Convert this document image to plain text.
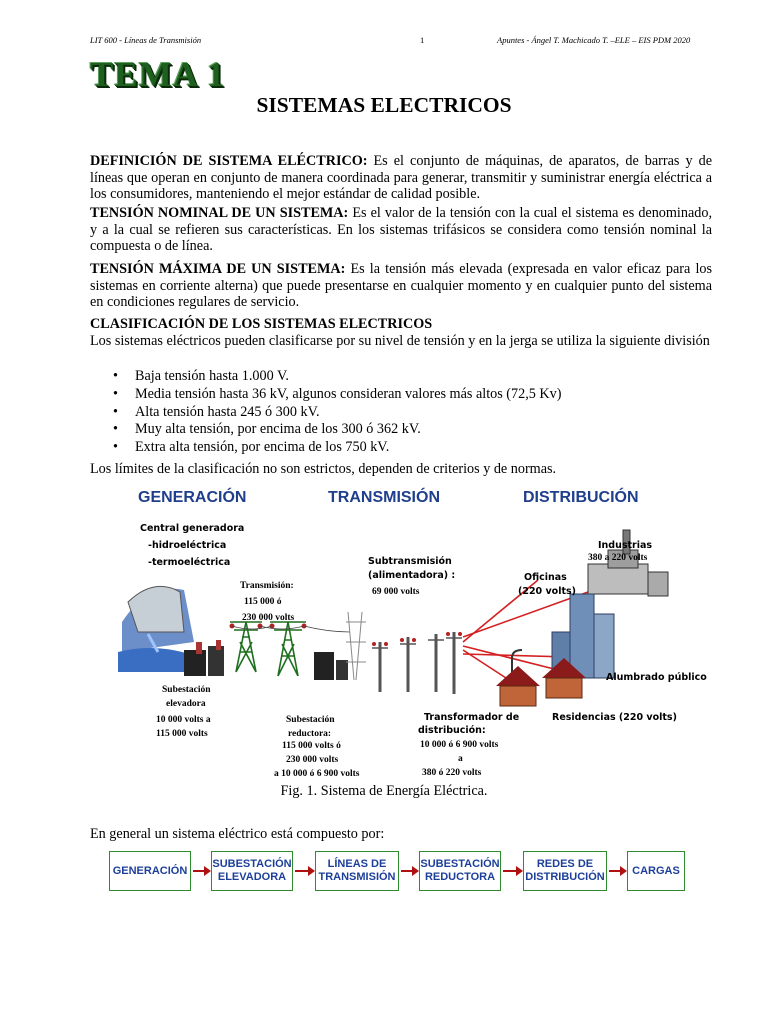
LIT 600 - Líneas de Transmisión	1	Apuntes - Ángel T. Machicado T. –ELE – EIS PDM 2020
TEMA 1
SISTEMAS ELECTRICOS
DEFINICIÓN DE SISTEMA ELÉCTRICO: Es el conjunto de máquinas, de aparatos, de barras y de líneas que operan en conjunto de manera coordinada para generar, transmitir y suministrar energía eléctrica a los consumidores, manteniendo el mejor estándar de calidad posible.
TENSIÓN NOMINAL DE UN SISTEMA: Es el valor de la tensión con la cual el sistema es denominado, y a la cual se refieren sus características. En los sistemas trifásicos se considera como tensión nominal la compuesta o de línea.
TENSIÓN MÁXIMA DE UN SISTEMA: Es la tensión más elevada (expresada en valor eficaz para los sistemas en corriente alterna) que puede presentarse en cualquier momento y en cualquier punto del sistema en condiciones regulares de servicio.
CLASIFICACIÓN DE LOS SISTEMAS ELECTRICOS
Los sistemas eléctricos pueden clasificarse por su nivel de tensión y en la jerga se utiliza la siguiente división
• Baja tensión hasta 1.000 V.
• Media tensión hasta 36 kV, algunos consideran valores más altos (72,5 Kv)
• Alta tensión hasta 245 ó 300 kV.
• Muy alta tensión, por encima de los 300 ó 362 kV.
• Extra alta tensión, por encima de los 750 kV.
Los límites de la clasificación no son estrictos, dependen de criterios y de normas.
GENERACIÓN	TRANSMISIÓN	DISTRIBUCIÓN
Central generadora
-hidroeléctrica
-termoeléctrica
Subestación
elevadora
10 000 volts a
115 000 volts
Transmisión:
115 000 ó
230 000 volts
Subestación
reductora:
115 000 volts ó
230 000 volts
a 10 000 ó 6 900 volts
Subtransmisión
(alimentadora) :
69 000 volts
Transformador de
distribución:
10 000 ó 6 900 volts
a
380 ó 220 volts
Industrias
380 a 220 volts
Oficinas
(220 volts)
Alumbrado público
Residencias (220 volts)
Fig. 1. Sistema de Energía Eléctrica.
En general un sistema eléctrico está compuesto por:
GENERACIÓN
SUBESTACIÓN
ELEVADORA
LÍNEAS DE
TRANSMISIÓN
SUBESTACIÓN
REDUCTORA
REDES DE
DISTRIBUCIÓN
CARGAS
